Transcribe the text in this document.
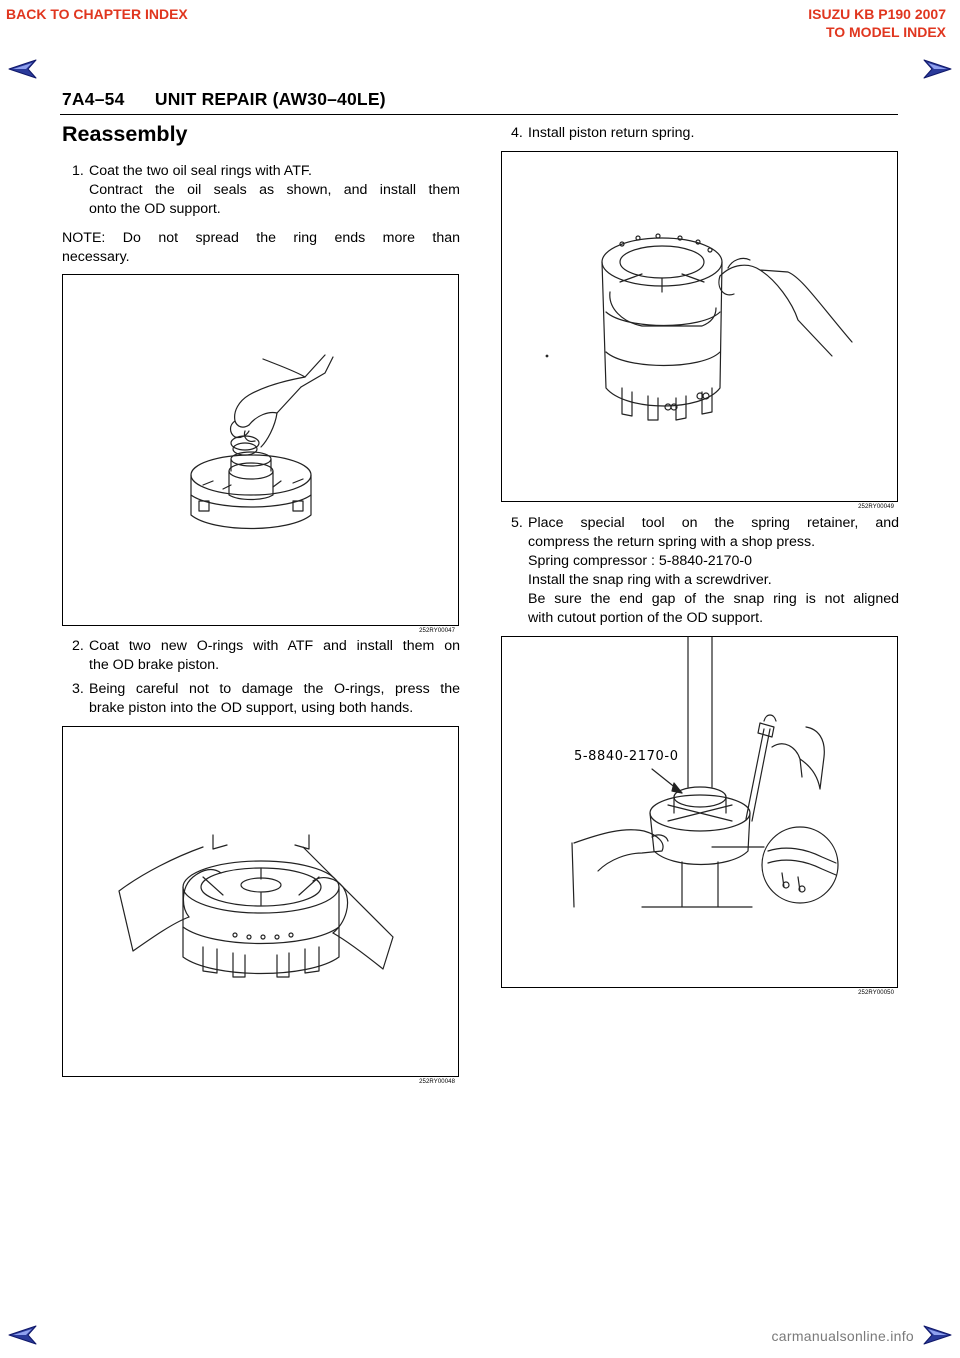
BACK TO CHAPTER INDEX	ISUZU KB P190 2007
TO MODEL INDEX
7A4–54      UNIT REPAIR (AW30–40LE)
Reassembly
1. Coat the two oil seal rings with ATF.
Contract the oil seals as shown, and install them
onto the OD support.
NOTE: Do not spread the ring ends more than
necessary.
252RY00047
2. Coat two new O-rings with ATF and install them on
the OD brake piston.
3. Being careful not to damage the O-rings, press the
brake piston into the OD support, using both hands.
252RY00048
4. Install piston return spring.
252RY00049
5. Place special tool on the spring retainer, and
compress the return spring with a shop press.
Spring compressor : 5-8840-2170-0
Install the snap ring with a screwdriver.
Be sure the end gap of the snap ring is not aligned
with cutout portion of the OD support.
5-8840-2170-0
252RY00050
carmanualsonline.info
